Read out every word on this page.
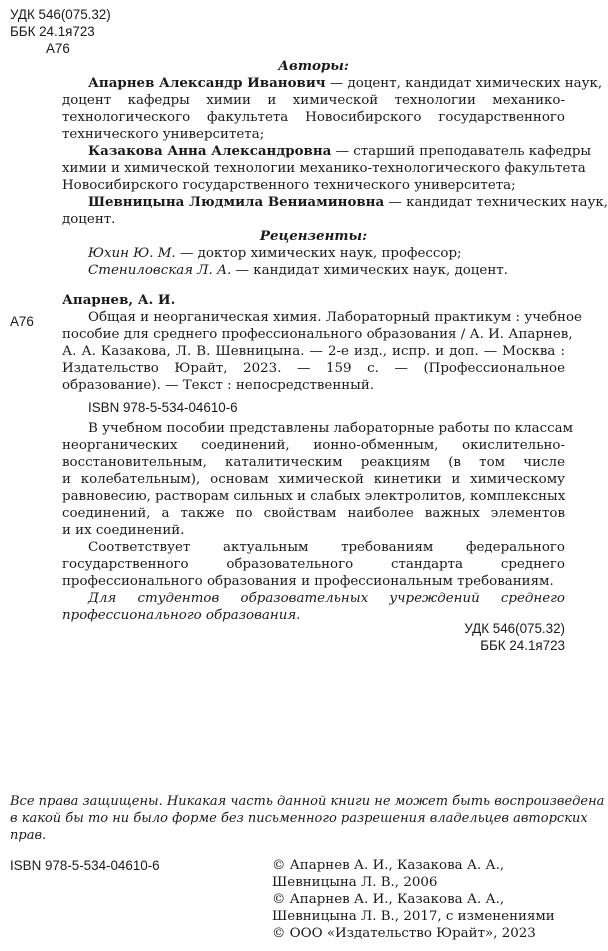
УДК 546(075.32)
ББК 24.1я723
А76
Авторы:
Апарнев Александр Иванович — доцент, кандидат химических наук,
доцент кафедры химии и химической технологии механико-
технологического факультета Новосибирского государственного
технического университета;
Казакова Анна Александровна — старший преподаватель кафедры
химии и химической технологии механико-технологического факультета
Новосибирского государственного технического университета;
Шевницына Людмила Вениаминовна — кандидат технических наук,
доцент.
Рецензенты:
Юхин Ю. М. — доктор химических наук, профессор;
Стениловская Л. А. — кандидат химических наук, доцент.
А76
Апарнев, А. И.
Общая и неорганическая химия. Лабораторный практикум : учебное
пособие для среднего профессионального образования / А. И. Апарнев,
А. А. Казакова, Л. В. Шевницына. — 2-е изд., испр. и доп. — Москва :
Издательство Юрайт, 2023. — 159 с. — (Профессиональное
образование). — Текст : непосредственный.
ISBN 978-5-534-04610-6
В учебном пособии представлены лабораторные работы по классам
неорганических соединений, ионно-обменным, окислительно-
восстановительным, каталитическим реакциям (в том числе
и колебательным), основам химической кинетики и химическому
равновесию, растворам сильных и слабых электролитов, комплексных
соединений, а также по свойствам наиболее важных элементов
и их соединений.
Соответствует актуальным требованиям федерального
государственного образовательного стандарта среднего
профессионального образования и профессиональным требованиям.
Для студентов образовательных учреждений среднего
профессионального образования.
УДК 546(075.32)
ББК 24.1я723
Все права защищены. Никакая часть данной книги не может быть воспроизведена
в какой бы то ни было форме без письменного разрешения владельцев авторских
прав.
ISBN 978-5-534-04610-6	© Апарнев А. И., Казакова А. А.,
Шевницына Л. В., 2006
© Апарнев А. И., Казакова А. А.,
Шевницына Л. В., 2017, с изменениями
© ООО «Издательство Юрайт», 2023
